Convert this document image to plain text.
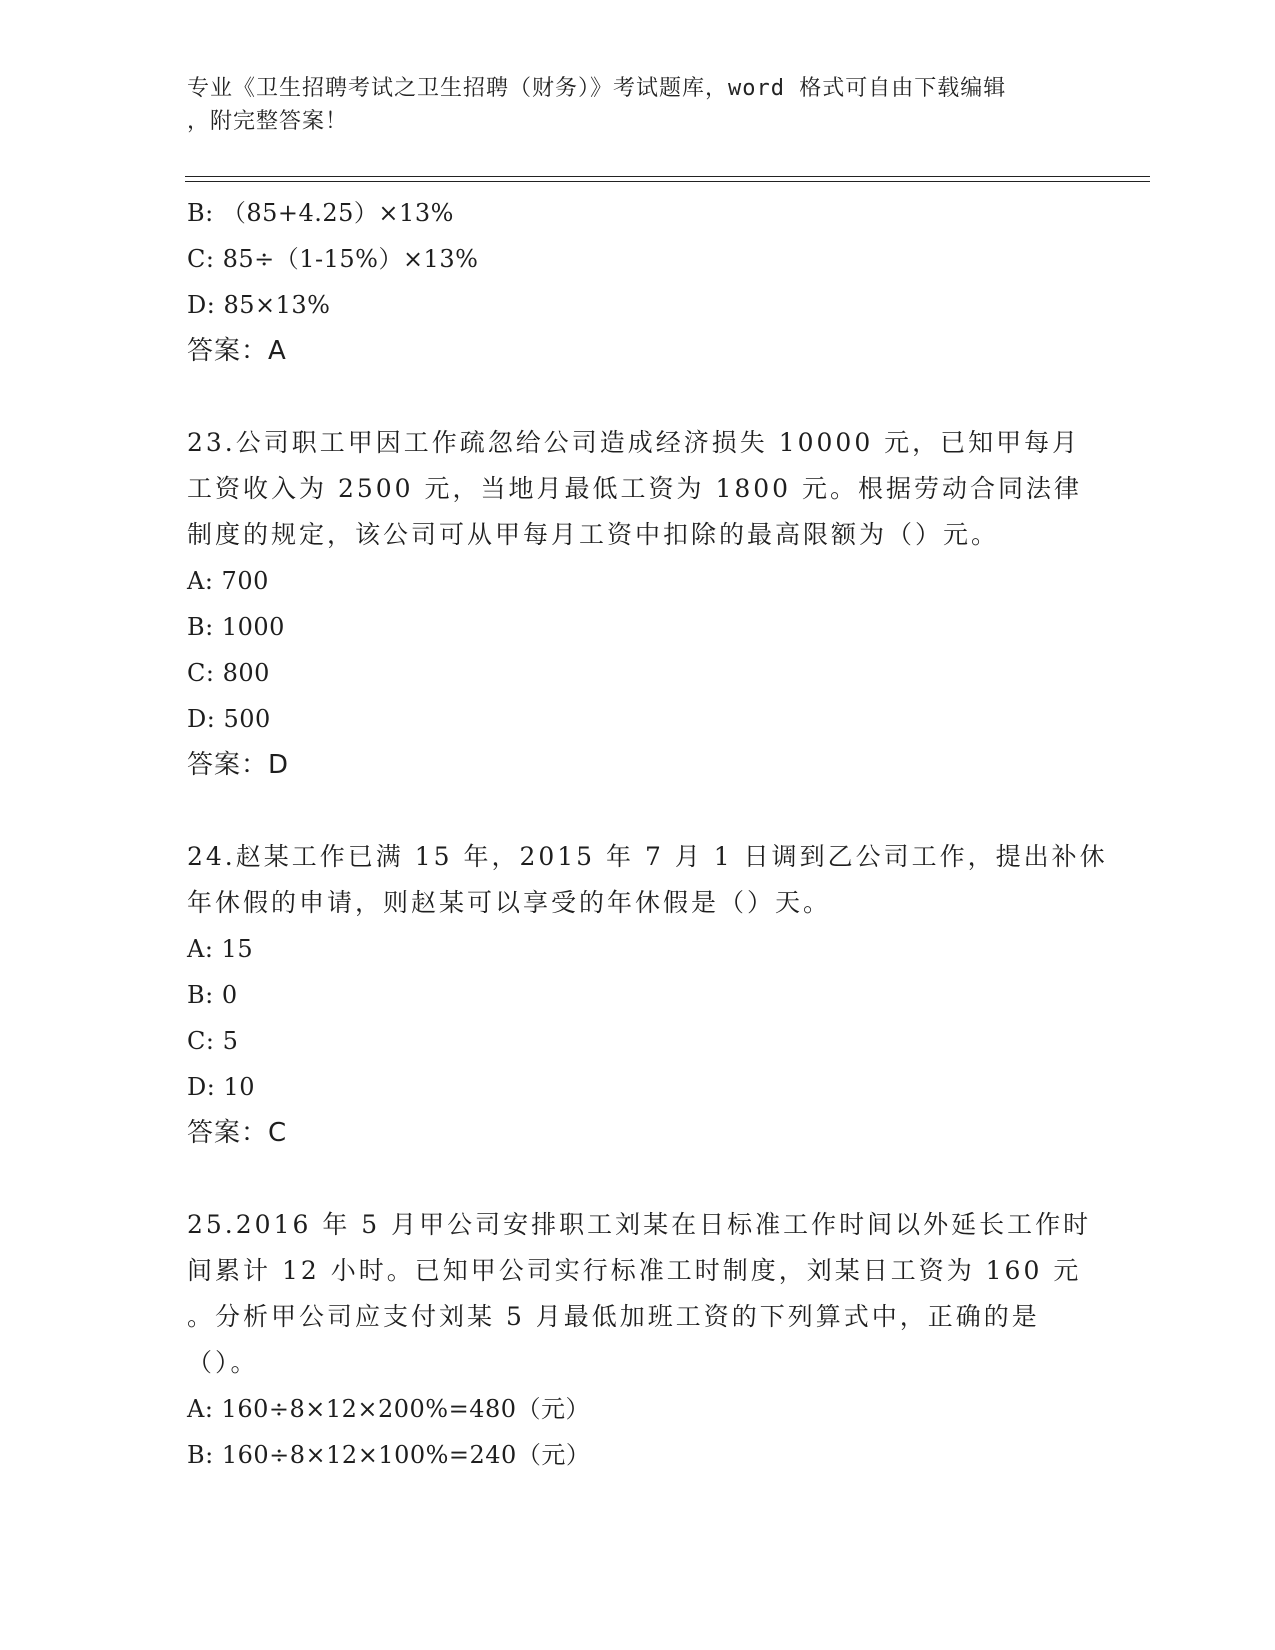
专业《卫生招聘考试之卫生招聘（财务）》考试题库，word 格式可自由下载编辑
，附完整答案！
B: （85+4.25）×13%
C: 85÷（1-15%）×13%
D: 85×13%
答案：A
23.公司职工甲因工作疏忽给公司造成经济损失 10000 元，已知甲每月
工资收入为 2500 元，当地月最低工资为 1800 元。根据劳动合同法律
制度的规定，该公司可从甲每月工资中扣除的最高限额为（）元。
A: 700
B: 1000
C: 800
D: 500
答案：D
24.赵某工作已满 15 年，2015 年 7 月 1 日调到乙公司工作，提出补休
年休假的申请，则赵某可以享受的年休假是（）天。
A: 15
B: 0
C: 5
D: 10
答案：C
25.2016 年 5 月甲公司安排职工刘某在日标准工作时间以外延长工作时
间累计 12 小时。已知甲公司实行标准工时制度，刘某日工资为 160 元
。分析甲公司应支付刘某 5 月最低加班工资的下列算式中，正确的是
（）。
A: 160÷8×12×200%=480（元）
B: 160÷8×12×100%=240（元）
